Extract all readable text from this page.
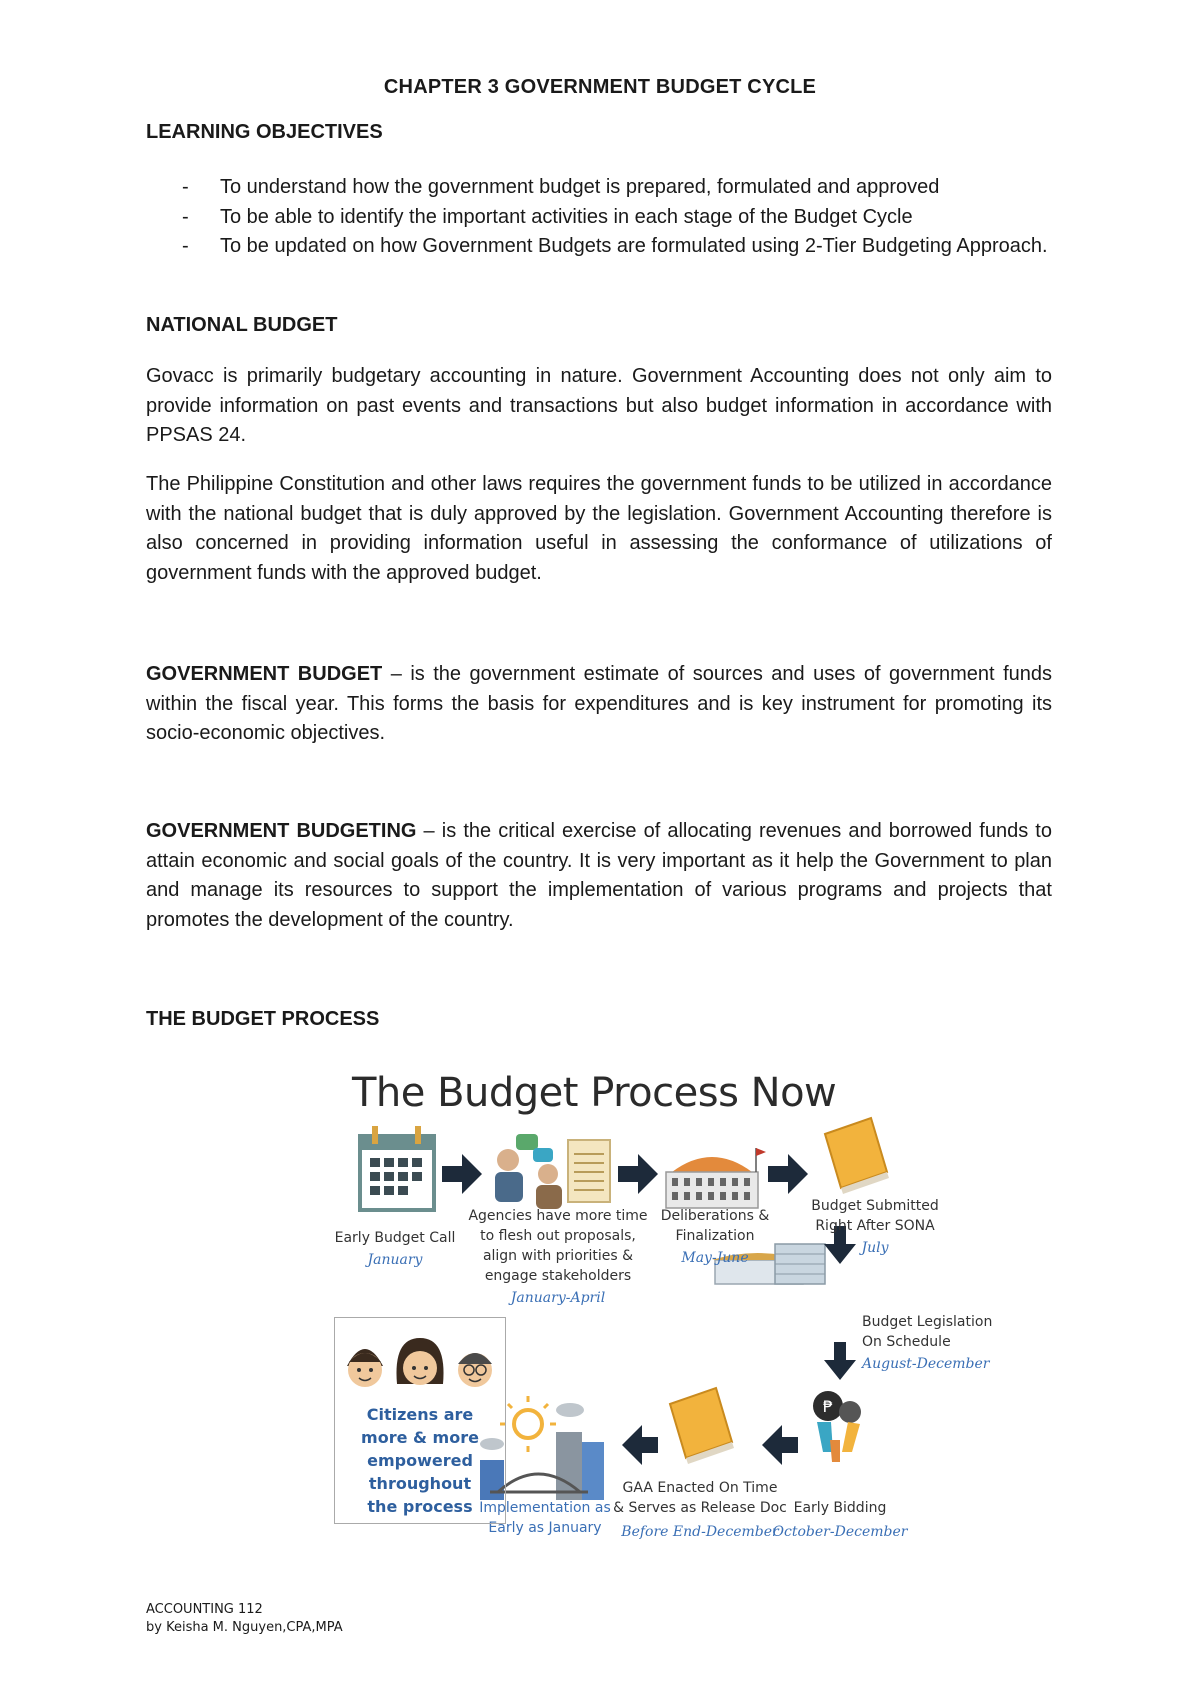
CHAPTER 3 GOVERNMENT BUDGET CYCLE
LEARNING OBJECTIVES
- To understand how the government budget is prepared, formulated and approved
- To be able to identify the important activities in each stage of the Budget Cycle
- To be updated on how Government Budgets are formulated using 2-Tier Budgeting Approach.
NATIONAL BUDGET

Govacc is primarily budgetary accounting in nature. Government Accounting does not only aim to provide information on past events and transactions but also budget information in accordance with PPSAS 24.

The Philippine Constitution and other laws requires the government funds to be utilized in accordance with the national budget that is duly approved by the legislation. Government Accounting therefore is also concerned in providing information useful in assessing the conformance of utilizations of government funds with the approved budget.

GOVERNMENT BUDGET – is the government estimate of sources and uses of government funds within the fiscal year. This forms the basis for expenditures and is key instrument for promoting its socio-economic objectives.

GOVERNMENT BUDGETING – is the critical exercise of allocating revenues and borrowed funds to attain economic and social goals of the country. It is very important as it help the Government to plan and manage its resources to support the implementation of various programs and projects that promotes the development of the country.

THE BUDGET PROCESS
₱
The Budget Process Now
Early Budget Call
January
Agencies have more time
to flesh out proposals,
align with priorities &
engage stakeholders
January-April
Deliberations &
Finalization
May-June
Budget Submitted
Right After SONA
July
Budget Legislation
On Schedule
August-December
Early Bidding
October-December
GAA Enacted On Time
& Serves as Release Doc
Before End-December
Implementation as
Early as January
Citizens are
more & more
empowered
throughout
the process
ACCOUNTING 112
by Keisha M. Nguyen,CPA,MPA
